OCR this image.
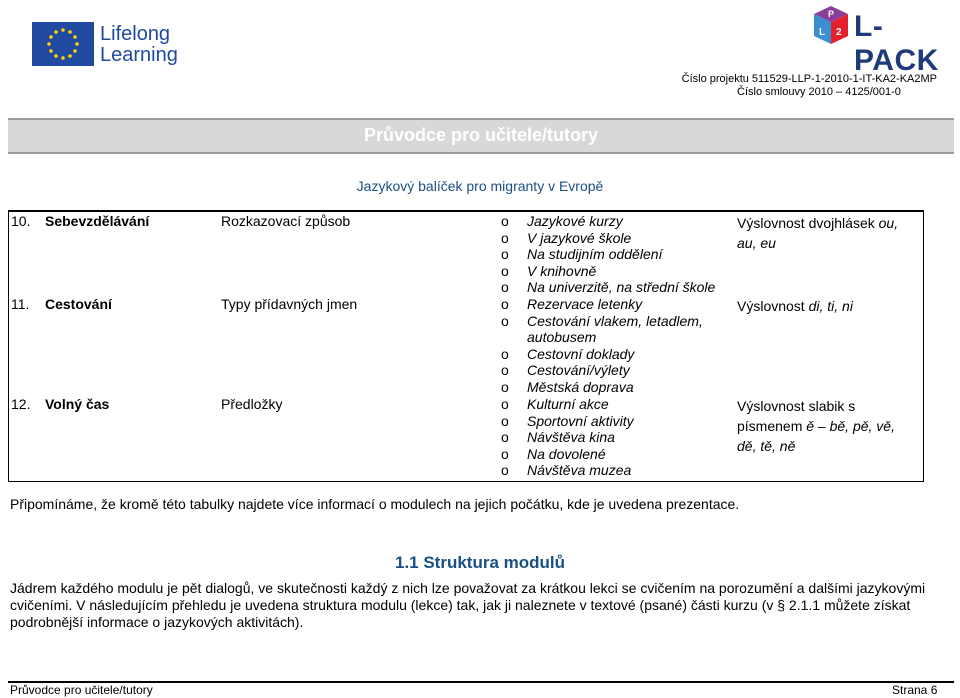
Lifelong
Learning
P
L 2 L-PACK
Číslo projektu 511529-LLP-1-2010-1-IT-KA2-KA2MP
Číslo smlouvy 2010 – 4125/001-0
Průvodce pro učitele/tutory
Jazykový balíček pro migranty v Evropě
10. Sebevzdělávání	Rozkazovací způsob	o Jazykové kurzy
o V jazykové škole
o Na studijním oddělení
o V knihovně
o Na univerzitě, na střední škole
Výslovnost dvojhlásek ou, au, eu
11. Cestování	Typy přídavných jmen	o Rezervace letenky
o Cestování vlakem, letadlem,
autobusem
o Cestovní doklady
o Cestování/výlety
o Městská doprava
Výslovnost di, ti, ni
12. Volný čas	Předložky	o Kulturní akce
o Sportovní aktivity
o Návštěva kina
o Na dovolené
o Návštěva muzea
Výslovnost slabik s písmenem ě – bě, pě, vě, dě, tě, ně
Připomínáme, že kromě této tabulky najdete více informací o modulech na jejich počátku, kde je uvedena prezentace.
1.1 Struktura modulů
Jádrem každého modulu je pět dialogů, ve skutečnosti každý z nich lze považovat za krátkou lekci se cvičením na porozumění a dalšími jazykovými cvičeními. V následujícím přehledu je uvedena struktura modulu (lekce) tak, jak ji naleznete v textové (psané) části kurzu (v § 2.1.1 můžete získat podrobnější informace o jazykových aktivitách).
Průvodce pro učitele/tutory	Strana 6
